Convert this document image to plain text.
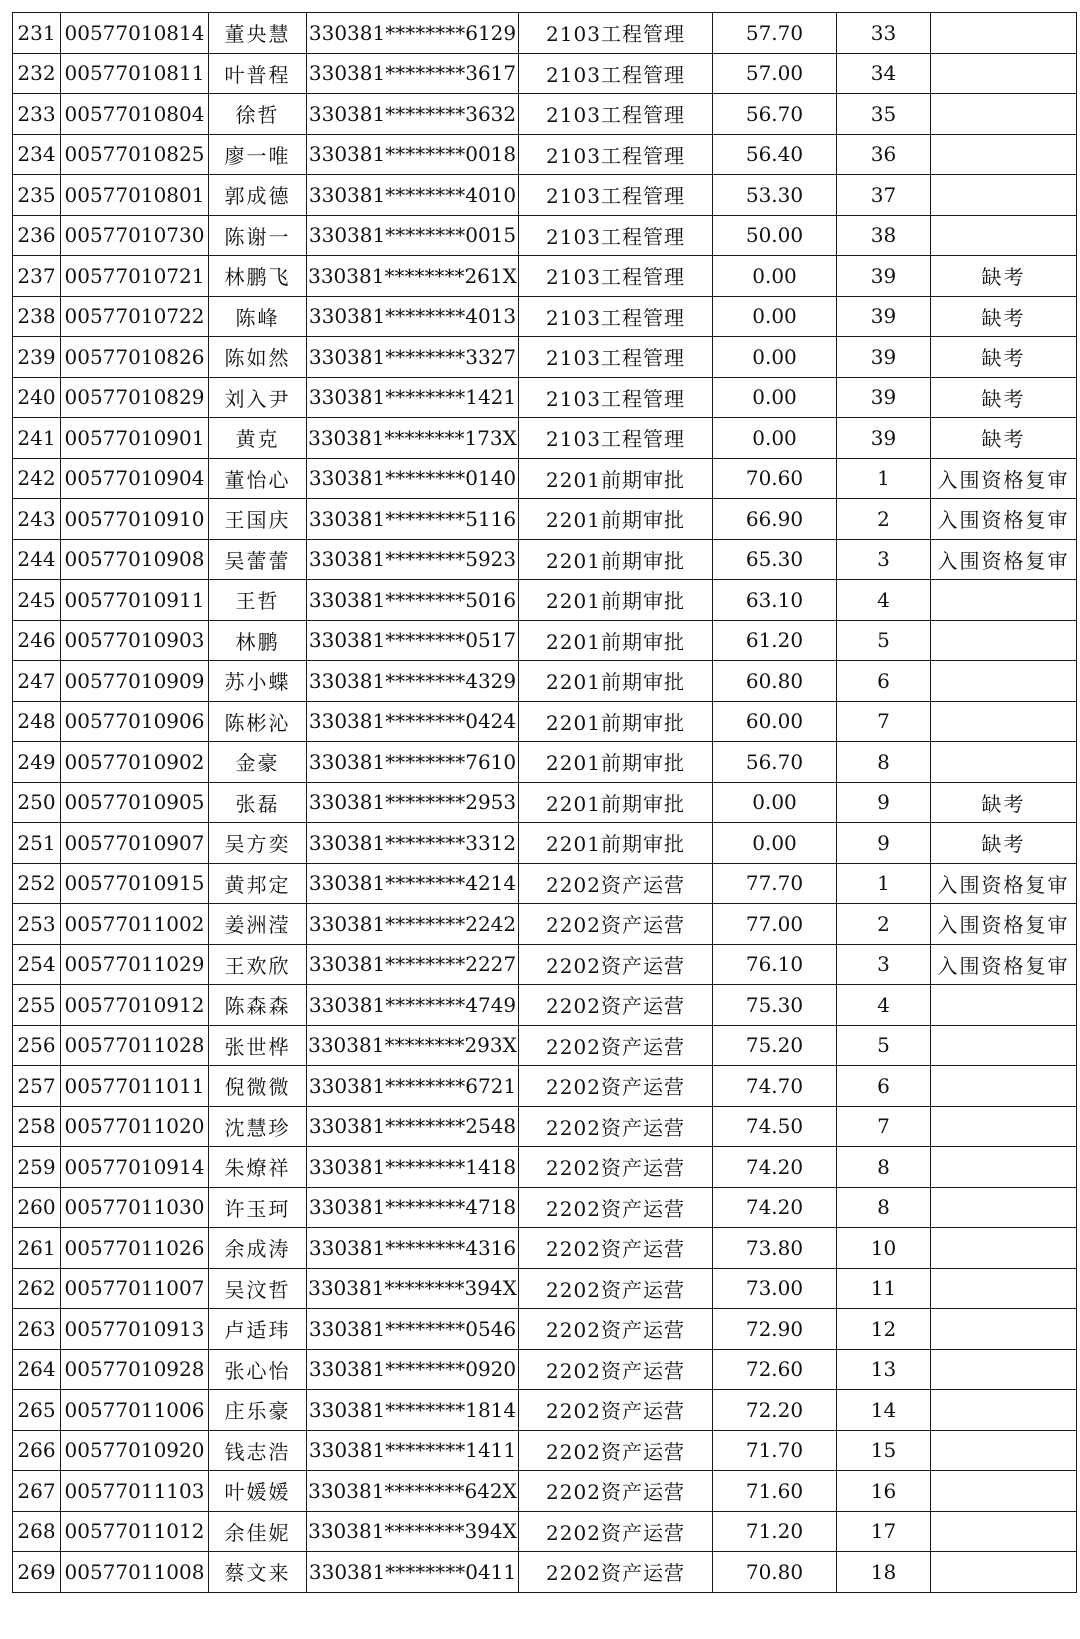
231	00577010814	董央慧	330381********6129	2103工程管理	57.70	33	
232	00577010811	叶普程	330381********3617	2103工程管理	57.00	34	
233	00577010804	徐哲	330381********3632	2103工程管理	56.70	35	
234	00577010825	廖一唯	330381********0018	2103工程管理	56.40	36	
235	00577010801	郭成德	330381********4010	2103工程管理	53.30	37	
236	00577010730	陈谢一	330381********0015	2103工程管理	50.00	38	
237	00577010721	林鹏飞	330381********261X	2103工程管理	0.00	39	缺考
238	00577010722	陈峰	330381********4013	2103工程管理	0.00	39	缺考
239	00577010826	陈如然	330381********3327	2103工程管理	0.00	39	缺考
240	00577010829	刘入尹	330381********1421	2103工程管理	0.00	39	缺考
241	00577010901	黄克	330381********173X	2103工程管理	0.00	39	缺考
242	00577010904	董怡心	330381********0140	2201前期审批	70.60	1	入围资格复审
243	00577010910	王国庆	330381********5116	2201前期审批	66.90	2	入围资格复审
244	00577010908	吴蕾蕾	330381********5923	2201前期审批	65.30	3	入围资格复审
245	00577010911	王哲	330381********5016	2201前期审批	63.10	4	
246	00577010903	林鹏	330381********0517	2201前期审批	61.20	5	
247	00577010909	苏小蝶	330381********4329	2201前期审批	60.80	6	
248	00577010906	陈彬沁	330381********0424	2201前期审批	60.00	7	
249	00577010902	金豪	330381********7610	2201前期审批	56.70	8	
250	00577010905	张磊	330381********2953	2201前期审批	0.00	9	缺考
251	00577010907	吴方奕	330381********3312	2201前期审批	0.00	9	缺考
252	00577010915	黄邦定	330381********4214	2202资产运营	77.70	1	入围资格复审
253	00577011002	姜洲滢	330381********2242	2202资产运营	77.00	2	入围资格复审
254	00577011029	王欢欣	330381********2227	2202资产运营	76.10	3	入围资格复审
255	00577010912	陈森森	330381********4749	2202资产运营	75.30	4	
256	00577011028	张世桦	330381********293X	2202资产运营	75.20	5	
257	00577011011	倪微微	330381********6721	2202资产运营	74.70	6	
258	00577011020	沈慧珍	330381********2548	2202资产运营	74.50	7	
259	00577010914	朱燎祥	330381********1418	2202资产运营	74.20	8	
260	00577011030	许玉珂	330381********4718	2202资产运营	74.20	8	
261	00577011026	余成涛	330381********4316	2202资产运营	73.80	10	
262	00577011007	吴汶哲	330381********394X	2202资产运营	73.00	11	
263	00577010913	卢适玮	330381********0546	2202资产运营	72.90	12	
264	00577010928	张心怡	330381********0920	2202资产运营	72.60	13	
265	00577011006	庄乐豪	330381********1814	2202资产运营	72.20	14	
266	00577010920	钱志浩	330381********1411	2202资产运营	71.70	15	
267	00577011103	叶媛媛	330381********642X	2202资产运营	71.60	16	
268	00577011012	余佳妮	330381********394X	2202资产运营	71.20	17	
269	00577011008	蔡文来	330381********0411	2202资产运营	70.80	18	
